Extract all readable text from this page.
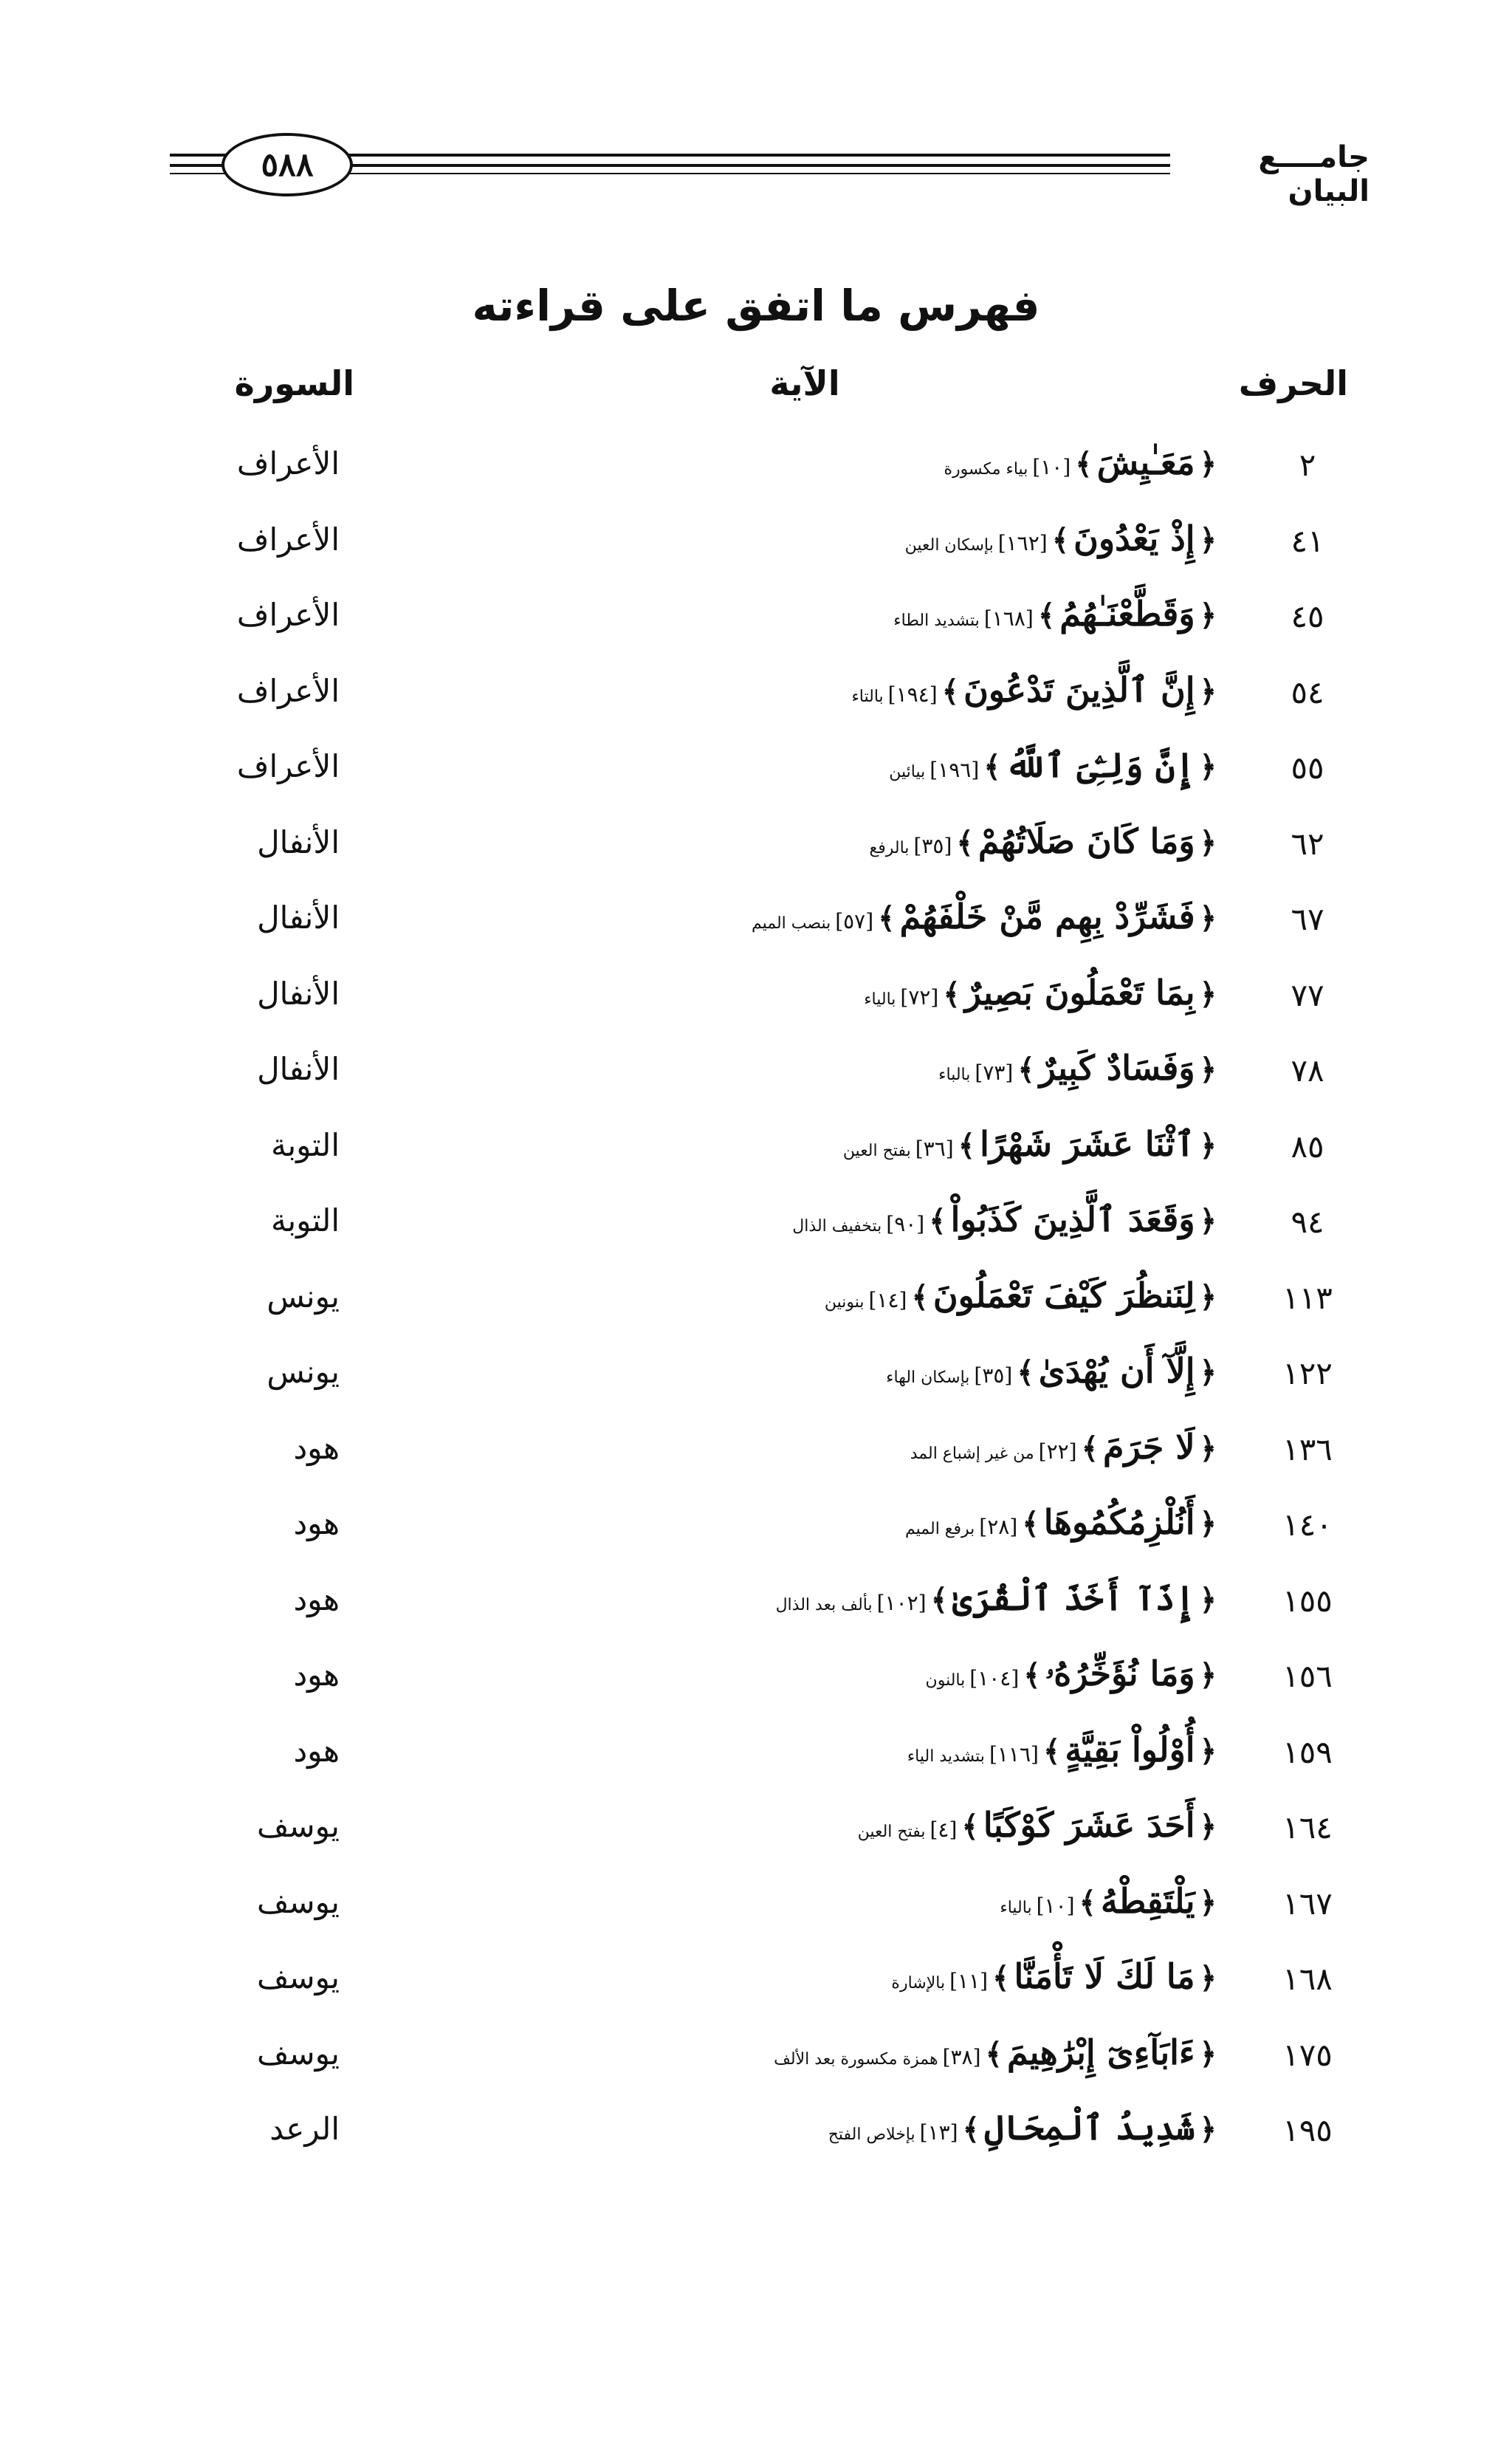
٥٨٨	جامــــع البيان
فهرس ما اتفق على قراءته
الحرف
الآية
السورة
٢
﴿مَعَـٰيِشَ﴾[١٠]بياء مكسورة
الأعراف
٤١
﴿إِذْ يَعْدُونَ﴾[١٦٢]بإسكان العين
الأعراف
٤٥
﴿وَقَطَّعْنَـٰهُمُ﴾[١٦٨]بتشديد الطاء
الأعراف
٥٤
﴿إِنَّ ٱلَّذِينَ تَدْعُونَ﴾[١٩٤]بالتاء
الأعراف
٥٥
﴿إِنَّ وَلِـِّۧىَ ٱللَّهُ﴾[١٩٦]بيائين
الأعراف
٦٢
﴿وَمَا كَانَ صَلَاتُهُمْ﴾[٣٥]بالرفع
الأنفال
٦٧
﴿فَشَرِّدْ بِهِم مَّنْ خَلْفَهُمْ﴾[٥٧]بنصب الميم
الأنفال
٧٧
﴿بِمَا تَعْمَلُونَ بَصِيرٌ﴾[٧٢]بالياء
الأنفال
٧٨
﴿وَفَسَادٌ كَبِيرٌ﴾[٧٣]بالباء
الأنفال
٨٥
﴿ٱثْنَا عَشَرَ شَهْرًا﴾[٣٦]بفتح العين
التوبة
٩٤
﴿وَقَعَدَ ٱلَّذِينَ كَذَبُواْ﴾[٩٠]بتخفيف الذال
التوبة
١١٣
﴿لِنَنظُرَ كَيْفَ تَعْمَلُونَ﴾[١٤]بنونين
يونس
١٢٢
﴿إِلَّآ أَن يُهْدَىٰ﴾[٣٥]بإسكان الهاء
يونس
١٣٦
﴿لَا جَرَمَ﴾[٢٢]من غير إشباع المد
هود
١٤٠
﴿أَنُلْزِمُكُمُوهَا﴾[٢٨]برفع الميم
هود
١٥٥
﴿إِذَآ أَخَذَ ٱلْقُرَىٰ﴾[١٠٢]بألف بعد الذال
هود
١٥٦
﴿وَمَا نُؤَخِّرُهُۥ﴾[١٠٤]بالنون
هود
١٥٩
﴿أُوْلُواْ بَقِيَّةٍ﴾[١١٦]بتشديد الياء
هود
١٦٤
﴿أَحَدَ عَشَرَ كَوْكَبًا﴾[٤]بفتح العين
يوسف
١٦٧
﴿يَلْتَقِطْهُ﴾[١٠]بالياء
يوسف
١٦٨
﴿مَا لَكَ لَا تَأْمَنَّا﴾[١١]بالإشارة
يوسف
١٧٥
﴿ءَابَآءِىٓ إِبْرَٰهِيمَ﴾[٣٨]همزة مكسورة بعد الألف
يوسف
١٩٥
﴿شَدِيدُ ٱلْمِحَالِ﴾[١٣]بإخلاص الفتح
الرعد
